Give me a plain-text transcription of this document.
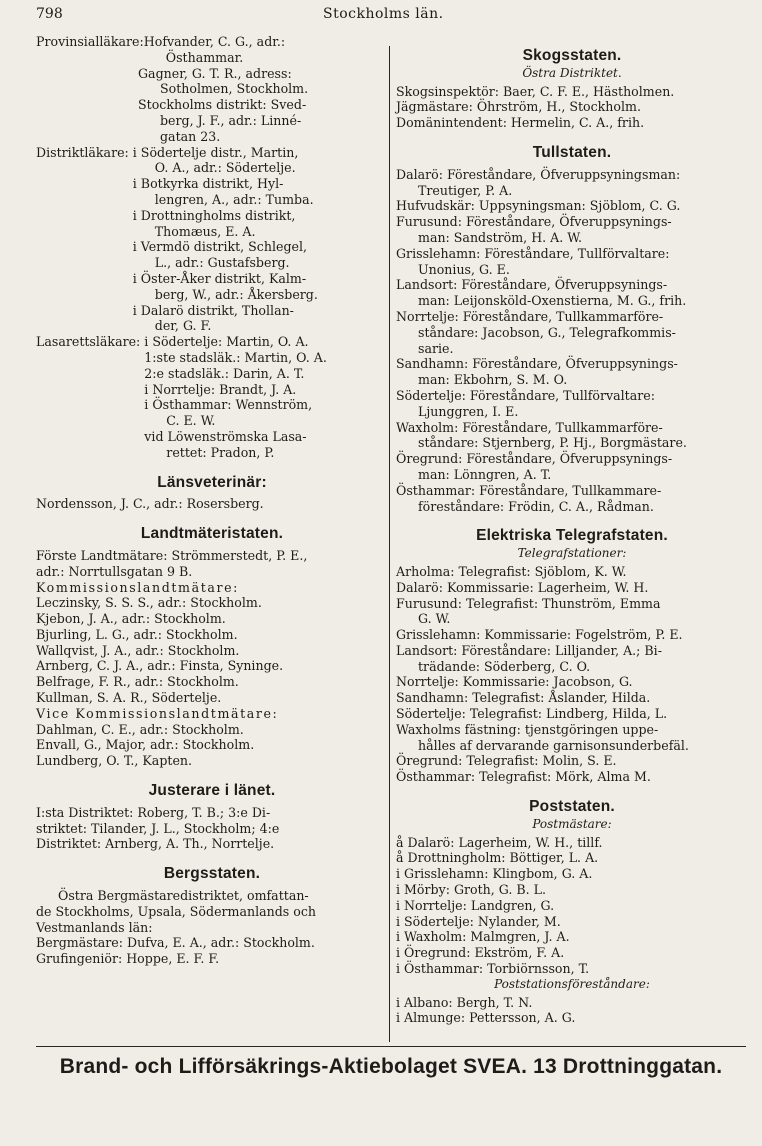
798	Stockholms län.
Provinsialläkare: Hofvander, C. G., adr.:
Östhammar.
Gagner, G. T. R., adress:
Sotholmen, Stockholm.
Stockholms distrikt: Sved-
berg, J. F., adr.: Linné-
gatan 23.
Distriktläkare: i Södertelje distr., Martin,
O. A., adr.: Södertelje.
i Botkyrka distrikt, Hyl-
lengren, A., adr.: Tumba.
i Drottningholms distrikt,
Thomæus, E. A.
i Vermdö distrikt, Schlegel,
L., adr.: Gustafsberg.
i Öster-Åker distrikt, Kalm-
berg, W., adr.: Åkersberg.
i Dalarö distrikt, Thollan-
der, G. F.
Lasarettsläkare: i Södertelje: Martin, O. A.
1:ste stadsläk.: Martin, O. A.
2:e stadsläk.: Darin, A. T.
i Norrtelje: Brandt, J. A.
i Östhammar: Wennström,
C. E. W.
vid Löwenströmska Lasa-
rettet: Pradon, P.
Länsveterinär:
Nordensson, J. C., adr.: Rosersberg.
Landtmäteristaten.
Förste Landtmätare: Strömmerstedt, P. E.,
adr.: Norrtullsgatan 9 B.
Kommissionslandtmätare:
Leczinsky, S. S. S., adr.: Stockholm.
Kjebon, J. A., adr.: Stockholm.
Bjurling, L. G., adr.: Stockholm.
Wallqvist, J. A., adr.: Stockholm.
Arnberg, C. J. A., adr.: Finsta, Syninge.
Belfrage, F. R., adr.: Stockholm.
Kullman, S. A. R., Södertelje.
Vice Kommissionslandtmätare:
Dahlman, C. E., adr.: Stockholm.
Envall, G., Major, adr.: Stockholm.
Lundberg, O. T., Kapten.
Justerare i länet.
I:sta Distriktet: Roberg, T. B.; 3:e Di-
striktet: Tilander, J. L., Stockholm; 4:e
Distriktet: Arnberg, A. Th., Norrtelje.
Bergsstaten.
Östra Bergmästaredistriktet, omfattan-
de Stockholms, Upsala, Södermanlands och
Vestmanlands län:
Bergmästare: Dufva, E. A., adr.: Stockholm.
Grufingeniör: Hoppe, E. F. F.
Skogsstaten.
Östra Distriktet.
Skogsinspektör: Baer, C. F. E., Hästholmen.
Jägmästare: Öhrström, H., Stockholm.
Domänintendent: Hermelin, C. A., frih.
Tullstaten.
Dalarö: Föreståndare, Öfveruppsyningsman:
Treutiger, P. A.
Hufvudskär: Uppsyningsman: Sjöblom, C. G.
Furusund: Föreståndare, Öfveruppsynings-
man: Sandström, H. A. W.
Grisslehamn: Föreståndare, Tullförvaltare:
Unonius, G. E.
Landsort: Föreståndare, Öfveruppsynings-
man: Leijonsköld-Oxenstierna, M. G., frih.
Norrtelje: Föreståndare, Tullkammarföre-
ståndare: Jacobson, G., Telegrafkommis-
sarie.
Sandhamn: Föreståndare, Öfveruppsynings-
man: Ekbohrn, S. M. O.
Södertelje: Föreståndare, Tullförvaltare:
Ljunggren, I. E.
Waxholm: Föreståndare, Tullkammarföre-
ståndare: Stjernberg, P. Hj., Borgmästare.
Öregrund: Föreståndare, Öfveruppsynings-
man: Lönngren, A. T.
Östhammar: Föreståndare, Tullkammare-
föreståndare: Frödin, C. A., Rådman.
Elektriska Telegrafstaten.
Telegrafstationer:
Arholma: Telegrafist: Sjöblom, K. W.
Dalarö: Kommissarie: Lagerheim, W. H.
Furusund: Telegrafist: Thunström, Emma
G. W.
Grisslehamn: Kommissarie: Fogelström, P. E.
Landsort: Föreståndare: Lilljander, A.; Bi-
trädande: Söderberg, C. O.
Norrtelje: Kommissarie: Jacobson, G.
Sandhamn: Telegrafist: Åslander, Hilda.
Södertelje: Telegrafist: Lindberg, Hilda, L.
Waxholms fästning: tjenstgöringen uppe-
hålles af dervarande garnisonsunderbefäl.
Öregrund: Telegrafist: Molin, S. E.
Östhammar: Telegrafist: Mörk, Alma M.
Poststaten.
Postmästare:
å Dalarö: Lagerheim, W. H., tillf.
å Drottningholm: Böttiger, L. A.
i Grisslehamn: Klingbom, G. A.
i Mörby: Groth, G. B. L.
i Norrtelje: Landgren, G.
i Södertelje: Nylander, M.
i Waxholm: Malmgren, J. A.
i Öregrund: Ekström, F. A.
i Östhammar: Torbiörnsson, T.
Poststationsföreståndare:
i Albano: Bergh, T. N.
i Almunge: Pettersson, A. G.
Brand- och Lifförsäkrings-Aktiebolaget SVEA. 13 Drottninggatan.
